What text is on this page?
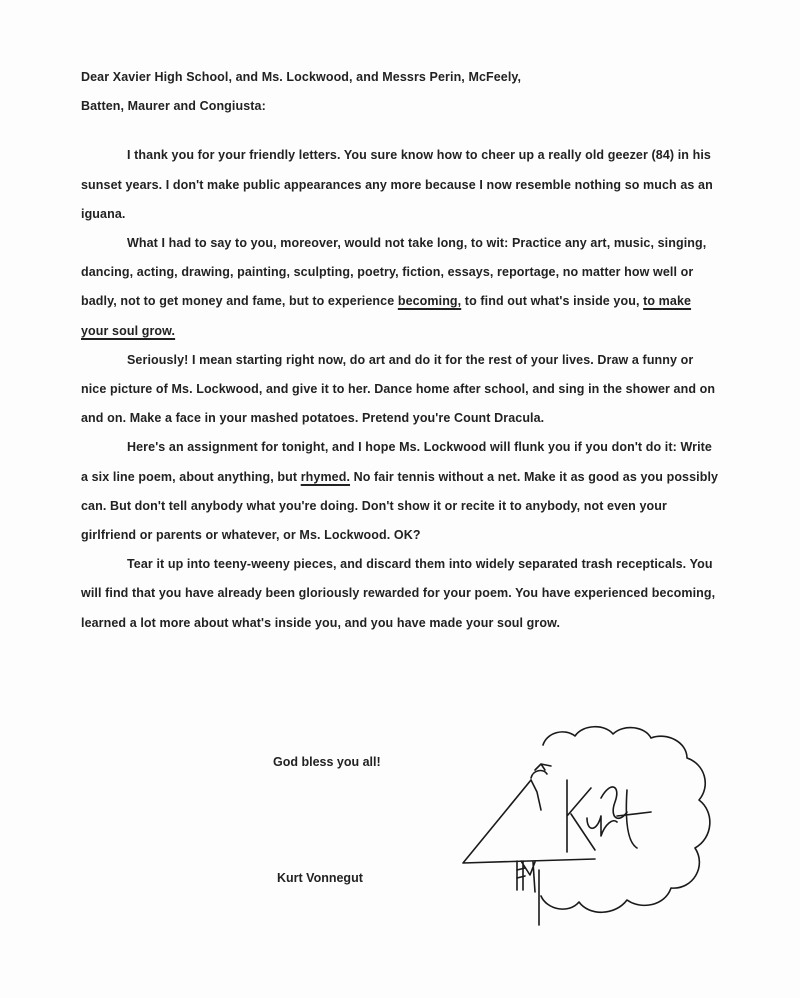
Dear Xavier High School, and Ms. Lockwood, and Messrs Perin, McFeely,
Batten, Maurer and Congiusta:

I thank you for your friendly letters. You sure know how to cheer up a really old geezer (84) in his sunset years. I don't make public appearances any more because I now resemble nothing so much as an iguana.

What I had to say to you, moreover, would not take long, to wit: Practice any art, music, singing, dancing, acting, drawing, painting, sculpting, poetry, fiction, essays, reportage, no matter how well or badly, not to get money and fame, but to experience becoming, to find out what's inside you, to make your soul grow.

Seriously! I mean starting right now, do art and do it for the rest of your lives. Draw a funny or nice picture of Ms. Lockwood, and give it to her. Dance home after school, and sing in the shower and on and on. Make a face in your mashed potatoes. Pretend you're Count Dracula.

Here's an assignment for tonight, and I hope Ms. Lockwood will flunk you if you don't do it: Write a six line poem, about anything, but rhymed. No fair tennis without a net. Make it as good as you possibly can. But don't tell anybody what you're doing. Don't show it or recite it to anybody, not even your girlfriend or parents or whatever, or Ms. Lockwood. OK?

Tear it up into teeny-weeny pieces, and discard them into widely separated trash recepticals. You will find that you have already been gloriously rewarded for your poem. You have experienced becoming, learned a lot more about what's inside you, and you have made your soul grow.

God bless you all!
Kurt Vonnegut
